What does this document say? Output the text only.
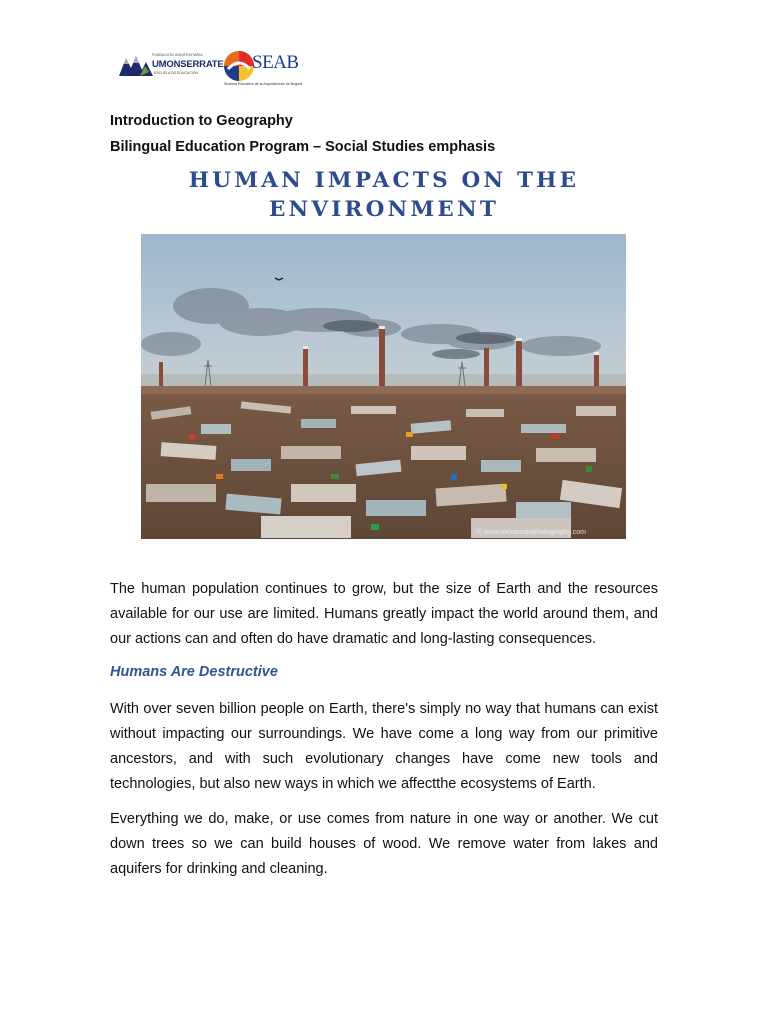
FUNDACIÓN UNIVERSITARIA
UMONSERRATE
ESCUELA DE EDUCACIÓN	SEAB
Sistema Educativo de la Arquidiócesis de Bogotá
Introduction to Geography
Bilingual Education Program – Social Studies emphasis
HUMAN IMPACTS ON THE ENVIRONMENT
© www.mrhossainphotography.com

The human population continues to grow, but the size of Earth and the resources available for our use are limited. Humans greatly impact the world around them, and our actions can and often do have dramatic and long-lasting consequences.

Humans Are Destructive

With over seven billion people on Earth, there's simply no way that humans can exist without impacting our surroundings. We have come a long way from our primitive ancestors, and with such evolutionary changes have come new tools and technologies, but also new ways in which we affectthe ecosystems of Earth.

Everything we do, make, or use comes from nature in one way or another. We cut down trees so we can build houses of wood. We remove water from lakes and aquifers for drinking and cleaning.
